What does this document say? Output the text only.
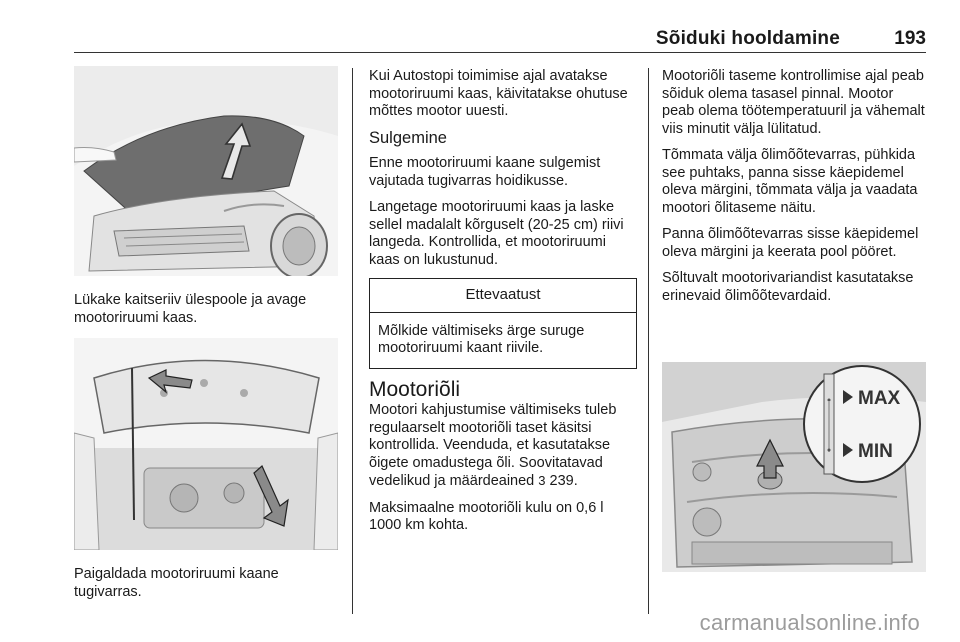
Sõiduki hooldamine	193
Lükake kaitseriiv ülespoole ja avage mootoriruumi kaas.
Paigaldada mootoriruumi kaane tugivarras.

Kui Autostopi toimimise ajal avatakse mootoriruumi kaas, käivitatakse ohutuse mõttes mootor uuesti.

Sulgemine

Enne mootoriruumi kaane sulgemist vajutada tugivarras hoidikusse.

Langetage mootoriruumi kaas ja laske sellel madalalt kõrguselt (20-25 cm) riivi langeda. Kontrollida, et mootoriruumi kaas on lukustunud.

Ettevaatust
Mõlkide vältimiseks ärge suruge mootoriruumi kaant riivile.
Mootoriõli

Mootori kahjustumise vältimiseks tuleb regulaarselt mootoriõli taset käsitsi kontrollida. Veenduda, et kasutatakse õigete omadustega õli. Soovitatavad vedelikud ja määrdeained 3 239.

Maksimaalne mootoriõli kulu on 0,6 l 1000 km kohta.

Mootoriõli taseme kontrollimise ajal peab sõiduk olema tasasel pinnal. Mootor peab olema töötemperatuuril ja vähemalt viis minutit välja lülitatud.

Tõmmata välja õlimõõtevarras, pühkida see puhtaks, panna sisse käepidemel oleva märgini, tõmmata välja ja vaadata mootori õlitaseme näitu.

Panna õlimõõtevarras sisse käepidemel oleva märgini ja keerata pool pööret.

Sõltuvalt mootorivariandist kasutatakse erinevaid õlimõõtevardaid.

MAX
MIN
carmanualsonline.info
